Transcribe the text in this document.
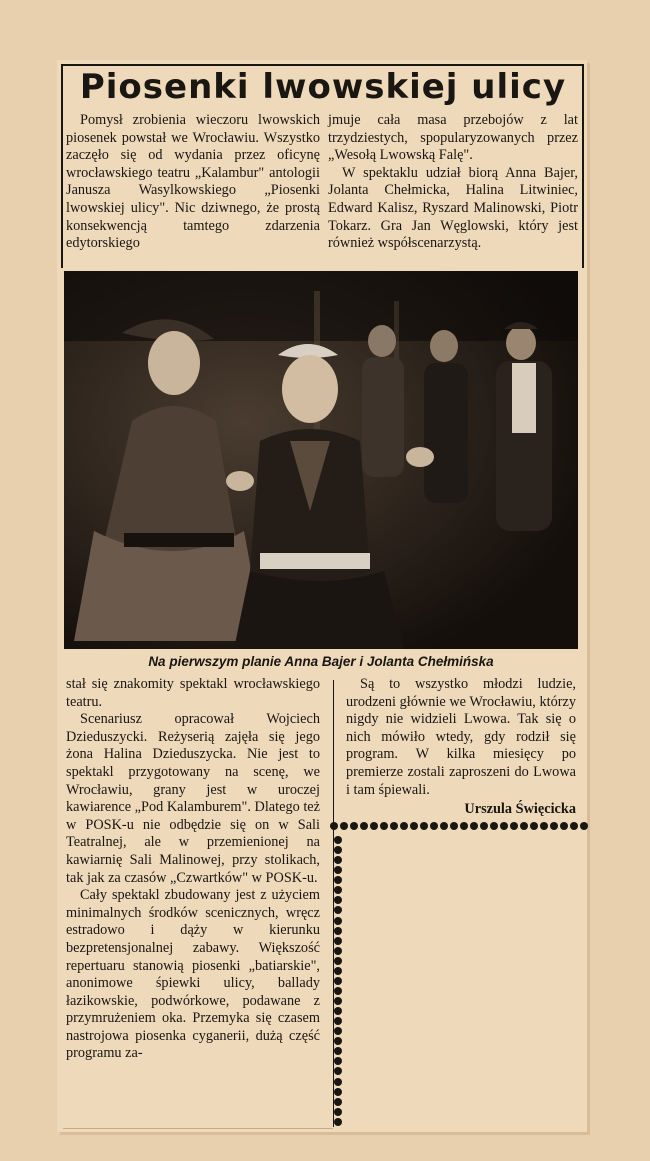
Piosenki lwowskiej ulicy

Pomysł zrobienia wieczoru lwowskich piosenek powstał we Wrocławiu. Wszystko zaczęło się od wydania przez oficynę wrocławskiego teatru „Kalambur" antologii Janusza Wasylkowskiego „Piosenki lwowskiej ulicy". Nic dziwnego, że prostą konsekwencją tamtego zdarzenia edytorskiego

jmuje cała masa przebojów z lat trzydziestych, spopularyzowanych przez „Wesołą Lwowską Falę".

W spektaklu udział biorą Anna Bajer, Jolanta Chełmicka, Halina Litwiniec, Edward Kalisz, Ryszard Malinowski, Piotr Tokarz. Gra Jan Węglowski, który jest również współscenarzystą.

Na pierwszym planie Anna Bajer i Jolanta Chełmińska

stał się znakomity spektakl wrocławskiego teatru.

Scenariusz opracował Wojciech Dzieduszycki. Reżyserią zajęła się jego żona Halina Dzieduszycka. Nie jest to spektakl przygotowany na scenę, we Wrocławiu, grany jest w uroczej kawiarence „Pod Kalamburem". Dlatego też w POSK-u nie odbędzie się on w Sali Teatralnej, ale w przemienionej na kawiarnię Sali Malinowej, przy stolikach, tak jak za czasów „Czwartków" w POSK-u.

Cały spektakl zbudowany jest z użyciem minimalnych środków scenicznych, wręcz estradowo i dąży w kierunku bezpretensjonalnej zabawy. Większość repertuaru stanowią piosenki „batiarskie", anonimowe śpiewki ulicy, ballady łazikowskie, podwórkowe, podawane z przymrużeniem oka. Przemyka się czasem nastrojowa piosenka cyganerii, dużą część programu za-

Są to wszystko młodzi ludzie, urodzeni głównie we Wrocławiu, którzy nigdy nie widzieli Lwowa. Tak się o nich mówiło wtedy, gdy rodził się program. W kilka miesięcy po premierze zostali zaproszeni do Lwowa i tam śpiewali.

Urszula Święcicka
